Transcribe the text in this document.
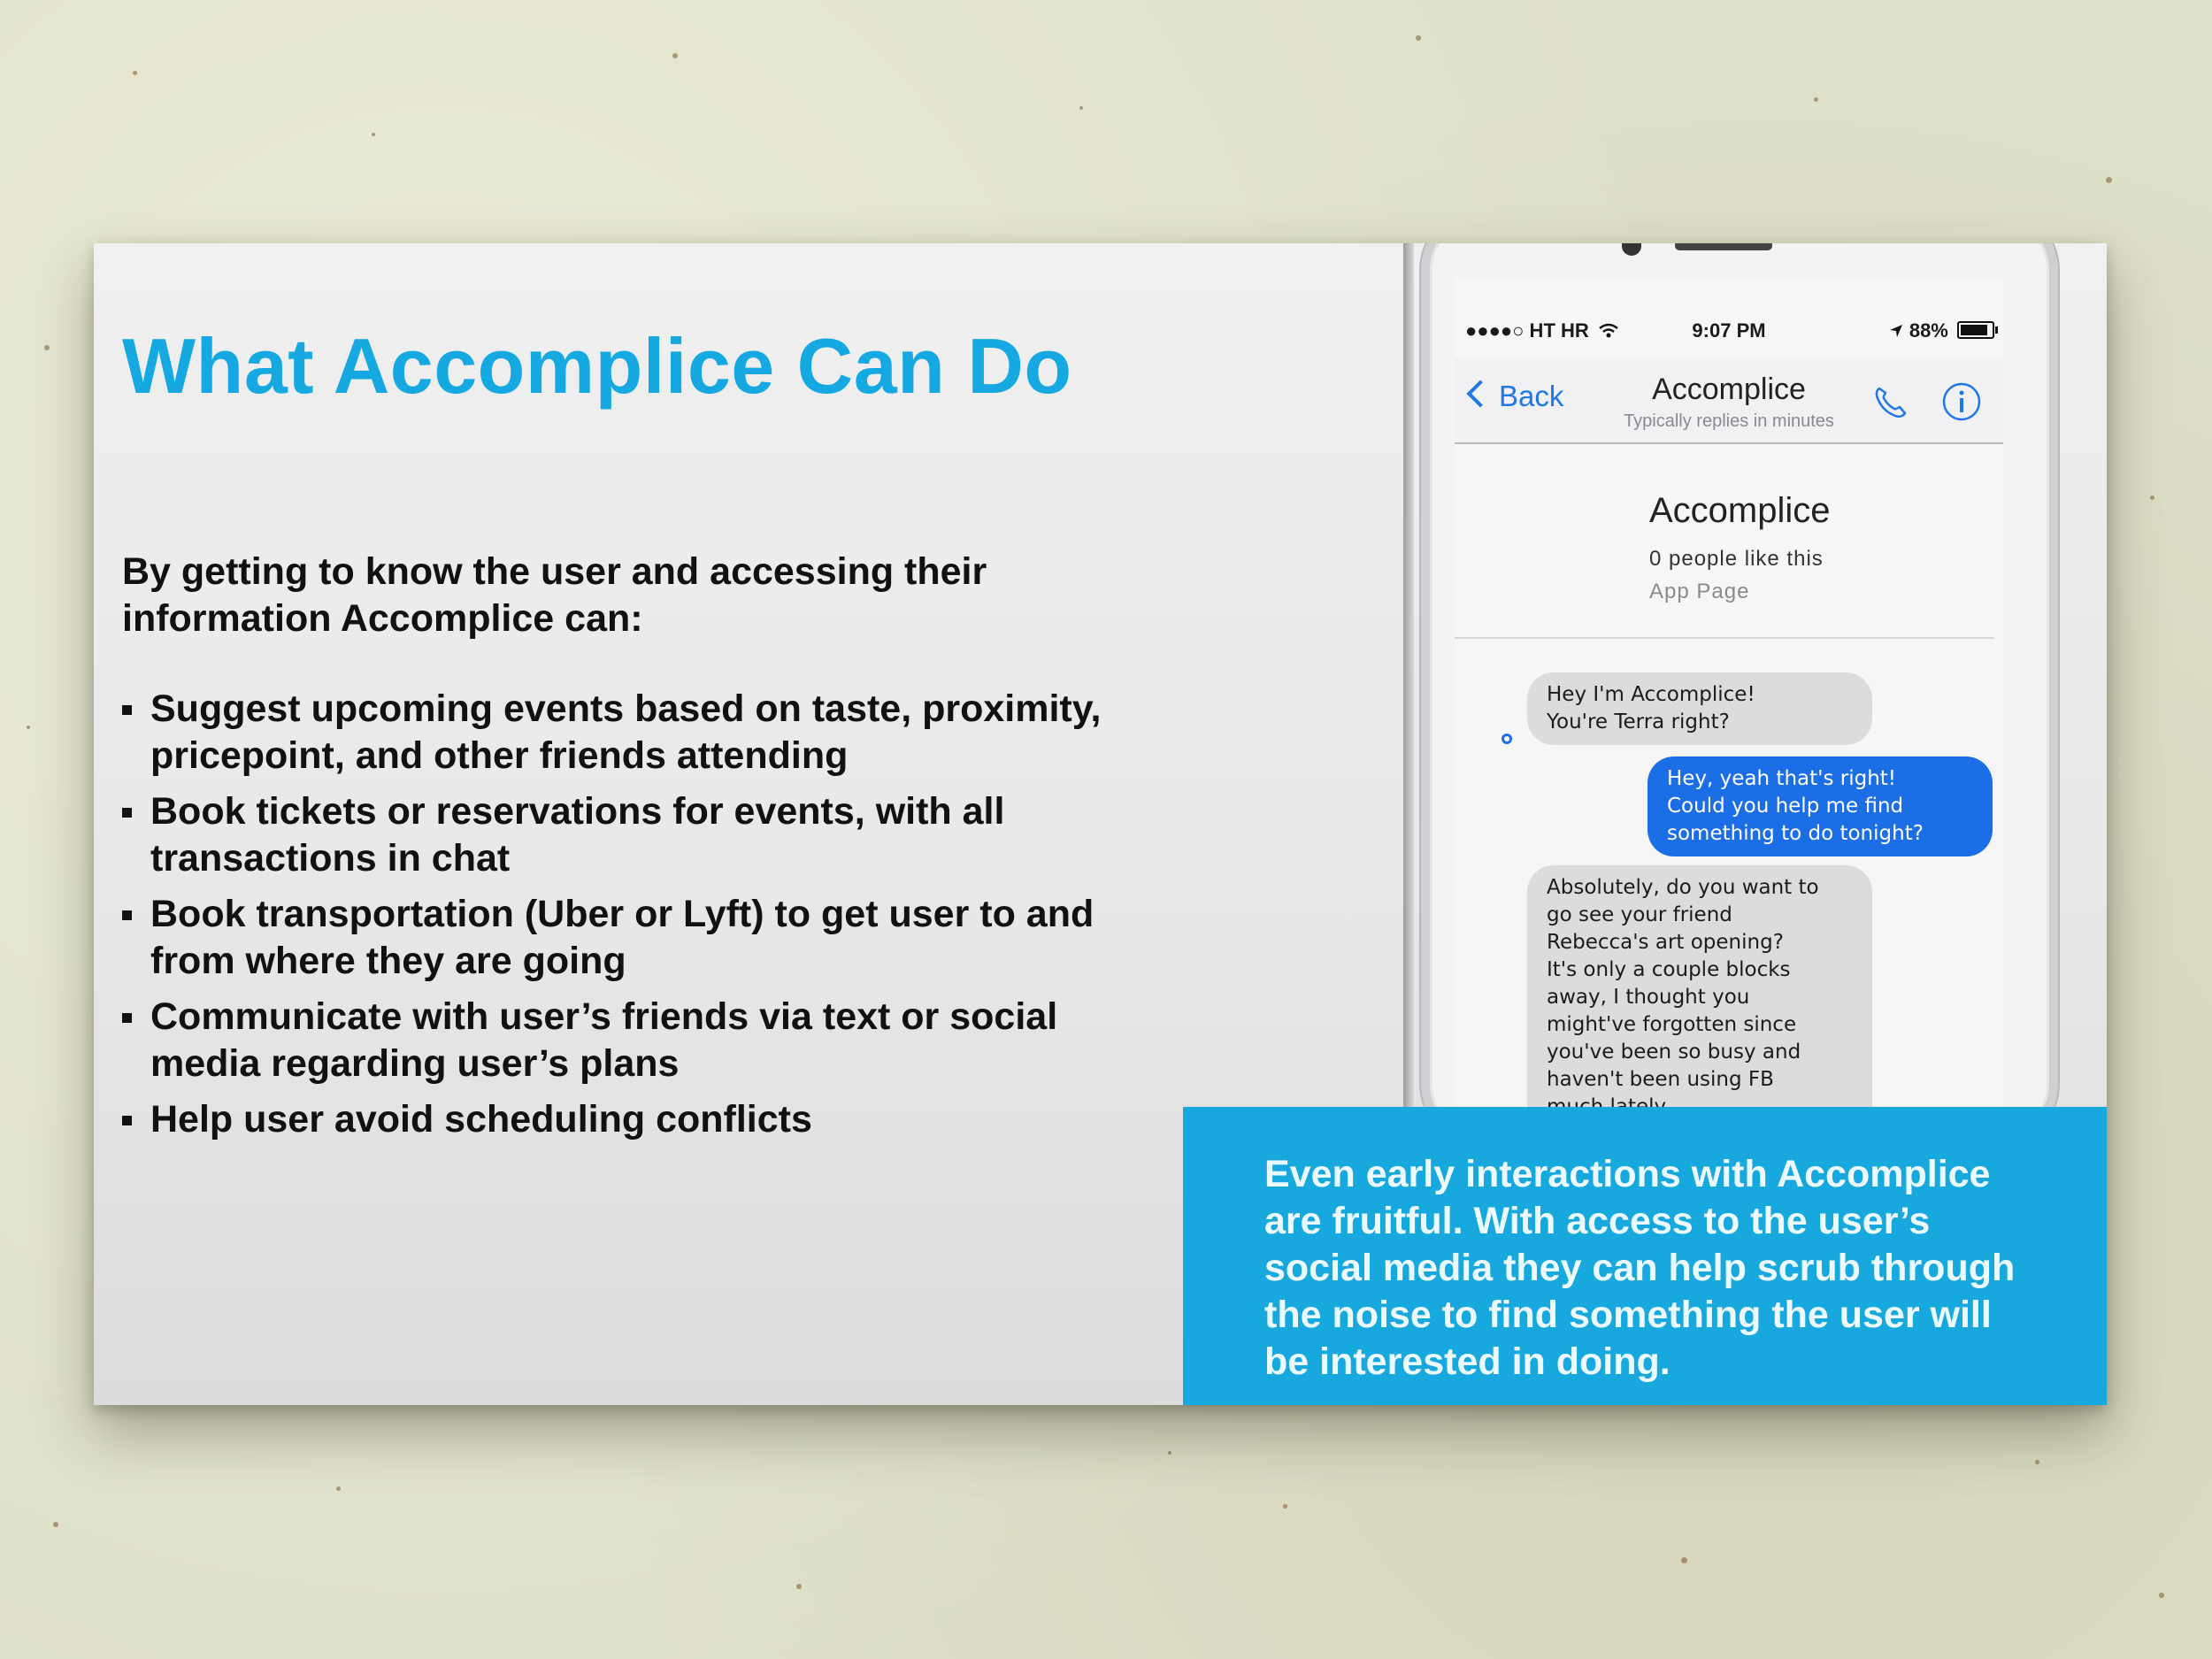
What Accomplice Can Do

By getting to know the user and accessing their information Accomplice can:

Suggest upcoming events based on taste, proximity, pricepoint, and other friends attending
Book tickets or reservations for events, with all transactions in chat
Book transportation (Uber or Lyft) to get user to and from where they are going
Communicate with user’s friends via text or social media regarding user’s plans
Help user avoid scheduling conflicts
●●●●○ HT HR	9:07 PM	88%
Back	Accomplice
Typically replies in minutes
Accomplice
0 people like this
App Page
Hey I'm Accomplice!
You're Terra right?
Hey, yeah that's right!
Could you help me find
something to do tonight?
Absolutely, do you want to
go see your friend
Rebecca's art opening?
It's only a couple blocks
away, I thought you
might've forgotten since
you've been so busy and
haven't been using FB

Even early interactions with Accomplice are fruitful. With access to the user’s social media they can help scrub through the noise to find something the user will be interested in doing.
